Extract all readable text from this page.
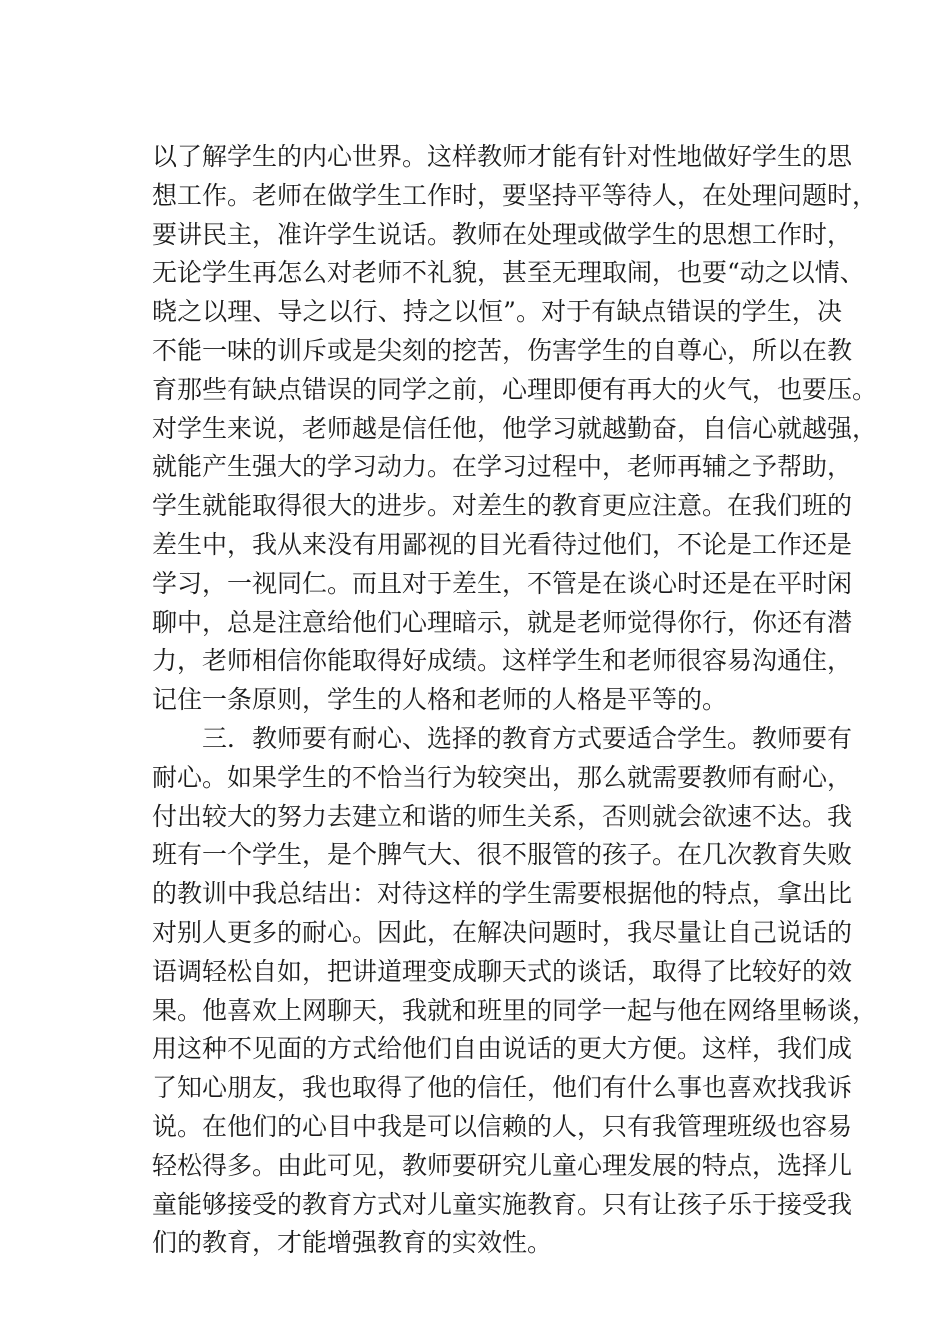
以了解学生的内心世界。这样教师才能有针对性地做好学生的思
想工作。老师在做学生工作时，要坚持平等待人，在处理问题时，
要讲民主，准许学生说话。教师在处理或做学生的思想工作时，
无论学生再怎么对老师不礼貌，甚至无理取闹，也要“动之以情、
晓之以理、导之以行、持之以恒”。对于有缺点错误的学生，决
不能一味的训斥或是尖刻的挖苦，伤害学生的自尊心，所以在教
育那些有缺点错误的同学之前，心理即便有再大的火气，也要压。
对学生来说，老师越是信任他，他学习就越勤奋，自信心就越强，
就能产生强大的学习动力。在学习过程中，老师再辅之予帮助，
学生就能取得很大的进步。对差生的教育更应注意。在我们班的
差生中，我从来没有用鄙视的目光看待过他们，不论是工作还是
学习，一视同仁。而且对于差生，不管是在谈心时还是在平时闲
聊中，总是注意给他们心理暗示，就是老师觉得你行，你还有潜
力，老师相信你能取得好成绩。这样学生和老师很容易沟通住，
记住一条原则，学生的人格和老师的人格是平等的。
三．教师要有耐心、选择的教育方式要适合学生。教师要有
耐心。如果学生的不恰当行为较突出，那么就需要教师有耐心，
付出较大的努力去建立和谐的师生关系，否则就会欲速不达。我
班有一个学生，是个脾气大、很不服管的孩子。在几次教育失败
的教训中我总结出：对待这样的学生需要根据他的特点，拿出比
对别人更多的耐心。因此，在解决问题时，我尽量让自己说话的
语调轻松自如，把讲道理变成聊天式的谈话，取得了比较好的效
果。他喜欢上网聊天，我就和班里的同学一起与他在网络里畅谈，
用这种不见面的方式给他们自由说话的更大方便。这样，我们成
了知心朋友，我也取得了他的信任，他们有什么事也喜欢找我诉
说。在他们的心目中我是可以信赖的人，只有我管理班级也容易
轻松得多。由此可见，教师要研究儿童心理发展的特点，选择儿
童能够接受的教育方式对儿童实施教育。只有让孩子乐于接受我
们的教育，才能增强教育的实效性。
